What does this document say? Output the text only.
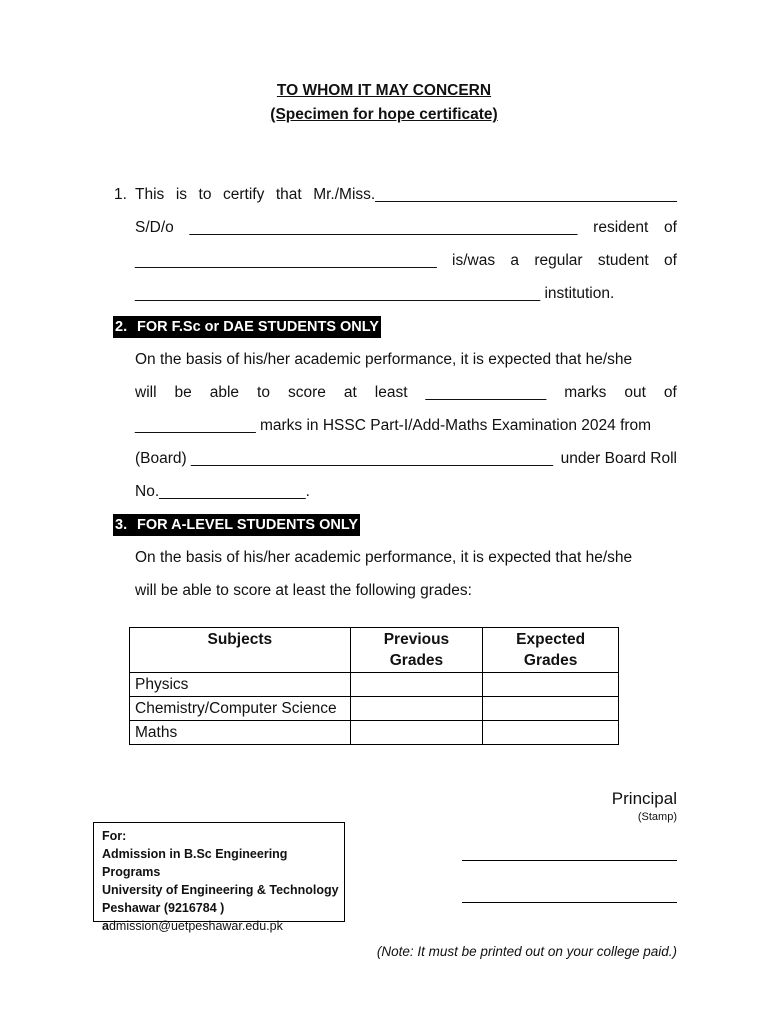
TO WHOM IT MAY CONCERN
(Specimen for hope certificate)
1. This is to certify that Mr./Miss.___________________________________
S/D/o _____________________________________________ resident of
___________________________________ is/was a regular student of
_______________________________________________ institution.
2. FOR F.Sc or DAE STUDENTS ONLY
On the basis of his/her academic performance, it is expected that he/she
will be able to score at least ______________ marks out of
______________ marks in HSSC Part-I/Add-Maths Examination 2024 from
(Board) __________________________________________ under Board Roll
No._________________.
3. FOR A-LEVEL STUDENTS ONLY
On the basis of his/her academic performance, it is expected that he/she
will be able to score at least the following grades:
Subjects	Previous Grades	Expected Grades
Physics		
Chemistry/Computer Science		
Maths		
Principal
(Stamp)
For:
Admission in B.Sc Engineering Programs
University of Engineering & Technology
Peshawar (9216784 )
admission@uetpeshawar.edu.pk
(Note: It must be printed out on your college paid.)
